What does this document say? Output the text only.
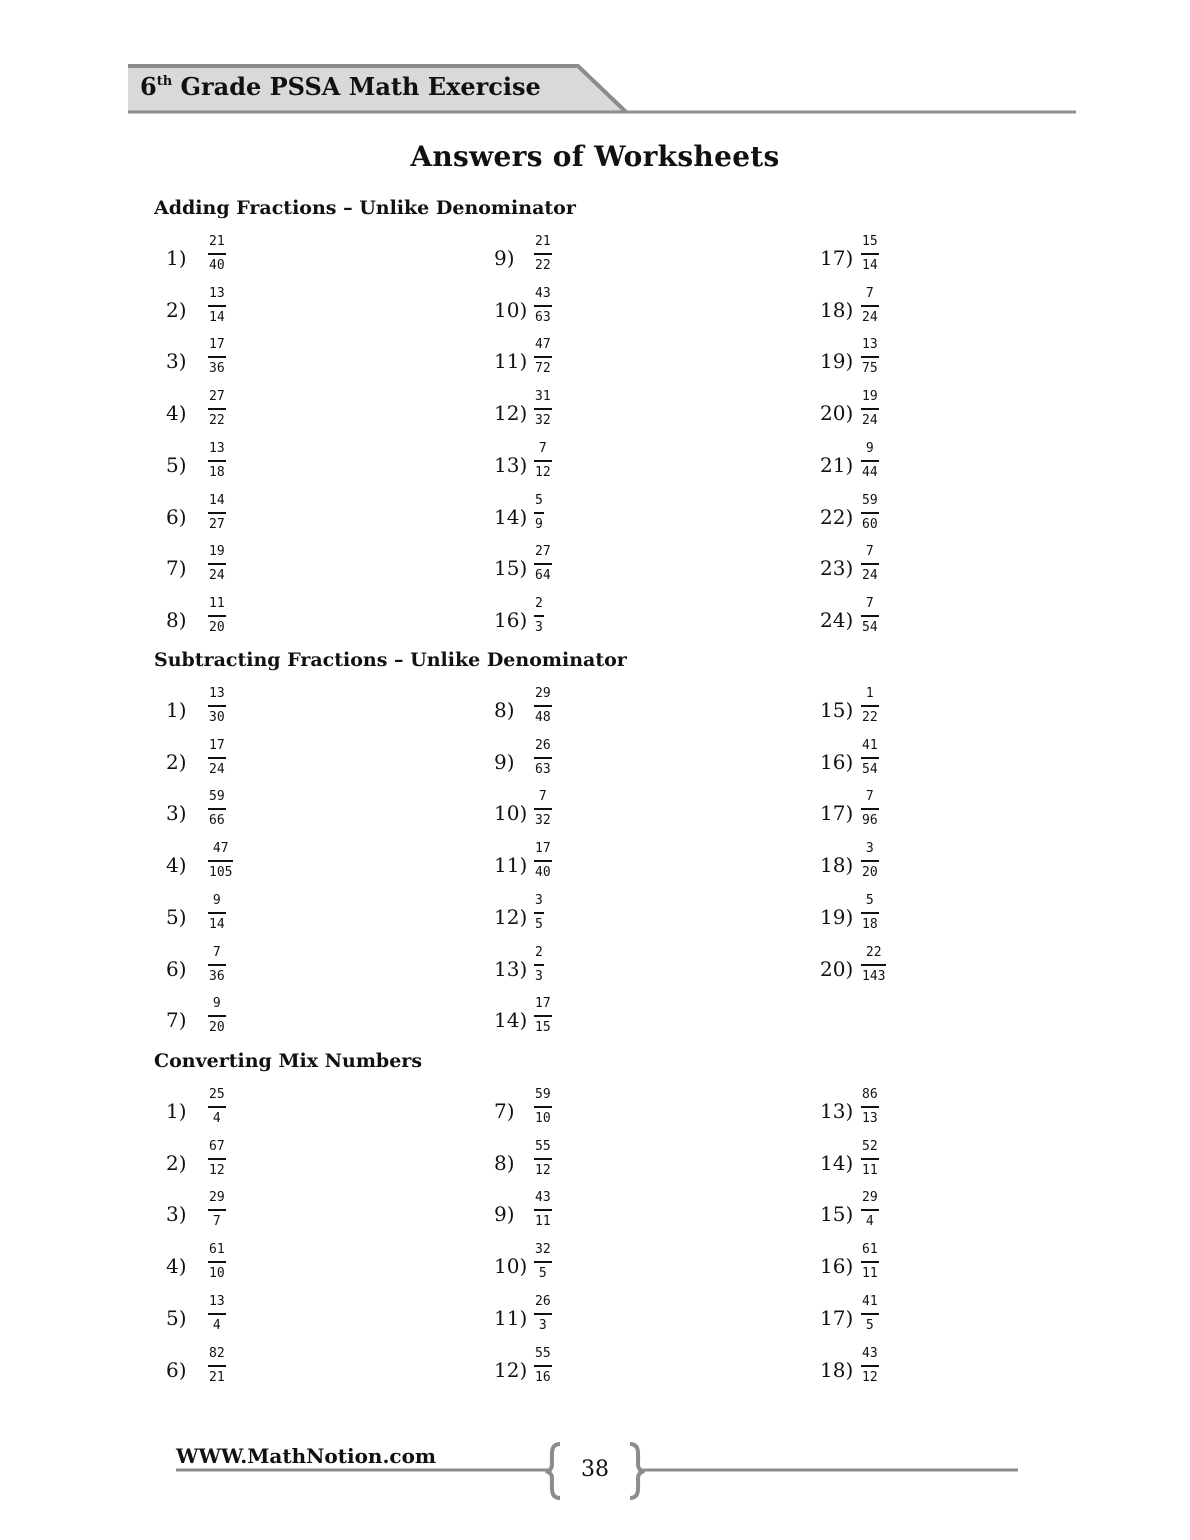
6th Grade PSSA Math Exercise
Answers of Worksheets
Adding Fractions – Unlike Denominator
1)
21
40
2)
13
14
3)
17
36
4)
27
22
5)
13
18
6)
14
27
7)
19
24
8)
11
20
9)
21
22
10)
43
63
11)
47
72
12)
31
32
13)
7
12
14)
5
9
15)
27
64
16)
2
3
17)
15
14
18)
7
24
19)
13
75
20)
19
24
21)
9
44
22)
59
60
23)
7
24
24)
7
54
Subtracting Fractions – Unlike Denominator
1)
13
30
2)
17
24
3)
59
66
4)
47
105
5)
9
14
6)
7
36
7)
9
20
8)
29
48
9)
26
63
10)
7
32
11)
17
40
12)
3
5
13)
2
3
14)
17
15
15)
1
22
16)
41
54
17)
7
96
18)
3
20
19)
5
18
20)
22
143
Converting Mix Numbers
1)
25
4
2)
67
12
3)
29
7
4)
61
10
5)
13
4
6)
82
21
7)
59
10
8)
55
12
9)
43
11
10)
32
5
11)
26
3
12)
55
16
13)
86
13
14)
52
11
15)
29
4
16)
61
11
17)
41
5
18)
43
12
WWW.MathNotion.com
38
